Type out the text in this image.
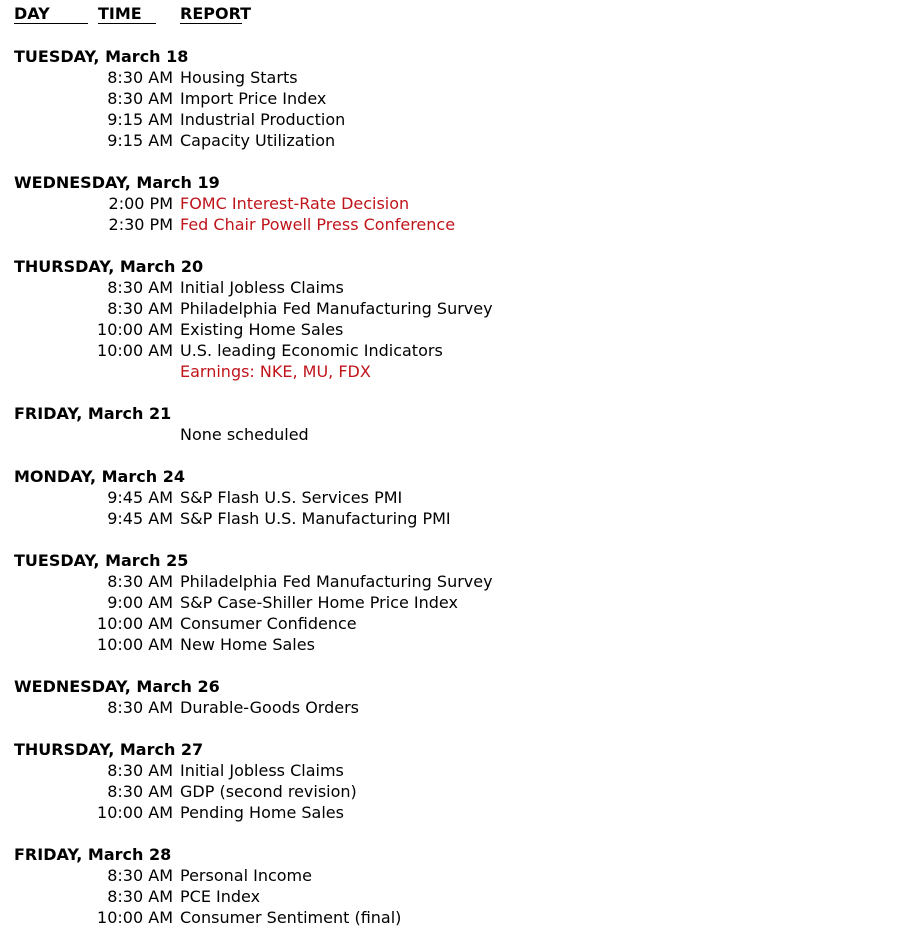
DAY	TIME	REPORT
TUESDAY, March 18
8:30 AM Housing Starts
8:30 AM Import Price Index
9:15 AM Industrial Production
9:15 AM Capacity Utilization
WEDNESDAY, March 19
2:00 PM FOMC Interest-Rate Decision
2:30 PM Fed Chair Powell Press Conference
THURSDAY, March 20
8:30 AM Initial Jobless Claims
8:30 AM Philadelphia Fed Manufacturing Survey
10:00 AM Existing Home Sales
10:00 AM U.S. leading Economic Indicators
Earnings: NKE, MU, FDX
FRIDAY, March 21
None scheduled
MONDAY, March 24
9:45 AM S&P Flash U.S. Services PMI
9:45 AM S&P Flash U.S. Manufacturing PMI
TUESDAY, March 25
8:30 AM Philadelphia Fed Manufacturing Survey
9:00 AM S&P Case-Shiller Home Price Index
10:00 AM Consumer Confidence
10:00 AM New Home Sales
WEDNESDAY, March 26
8:30 AM Durable-Goods Orders
THURSDAY, March 27
8:30 AM Initial Jobless Claims
8:30 AM GDP (second revision)
10:00 AM Pending Home Sales
FRIDAY, March 28
8:30 AM Personal Income
8:30 AM PCE Index
10:00 AM Consumer Sentiment (final)
